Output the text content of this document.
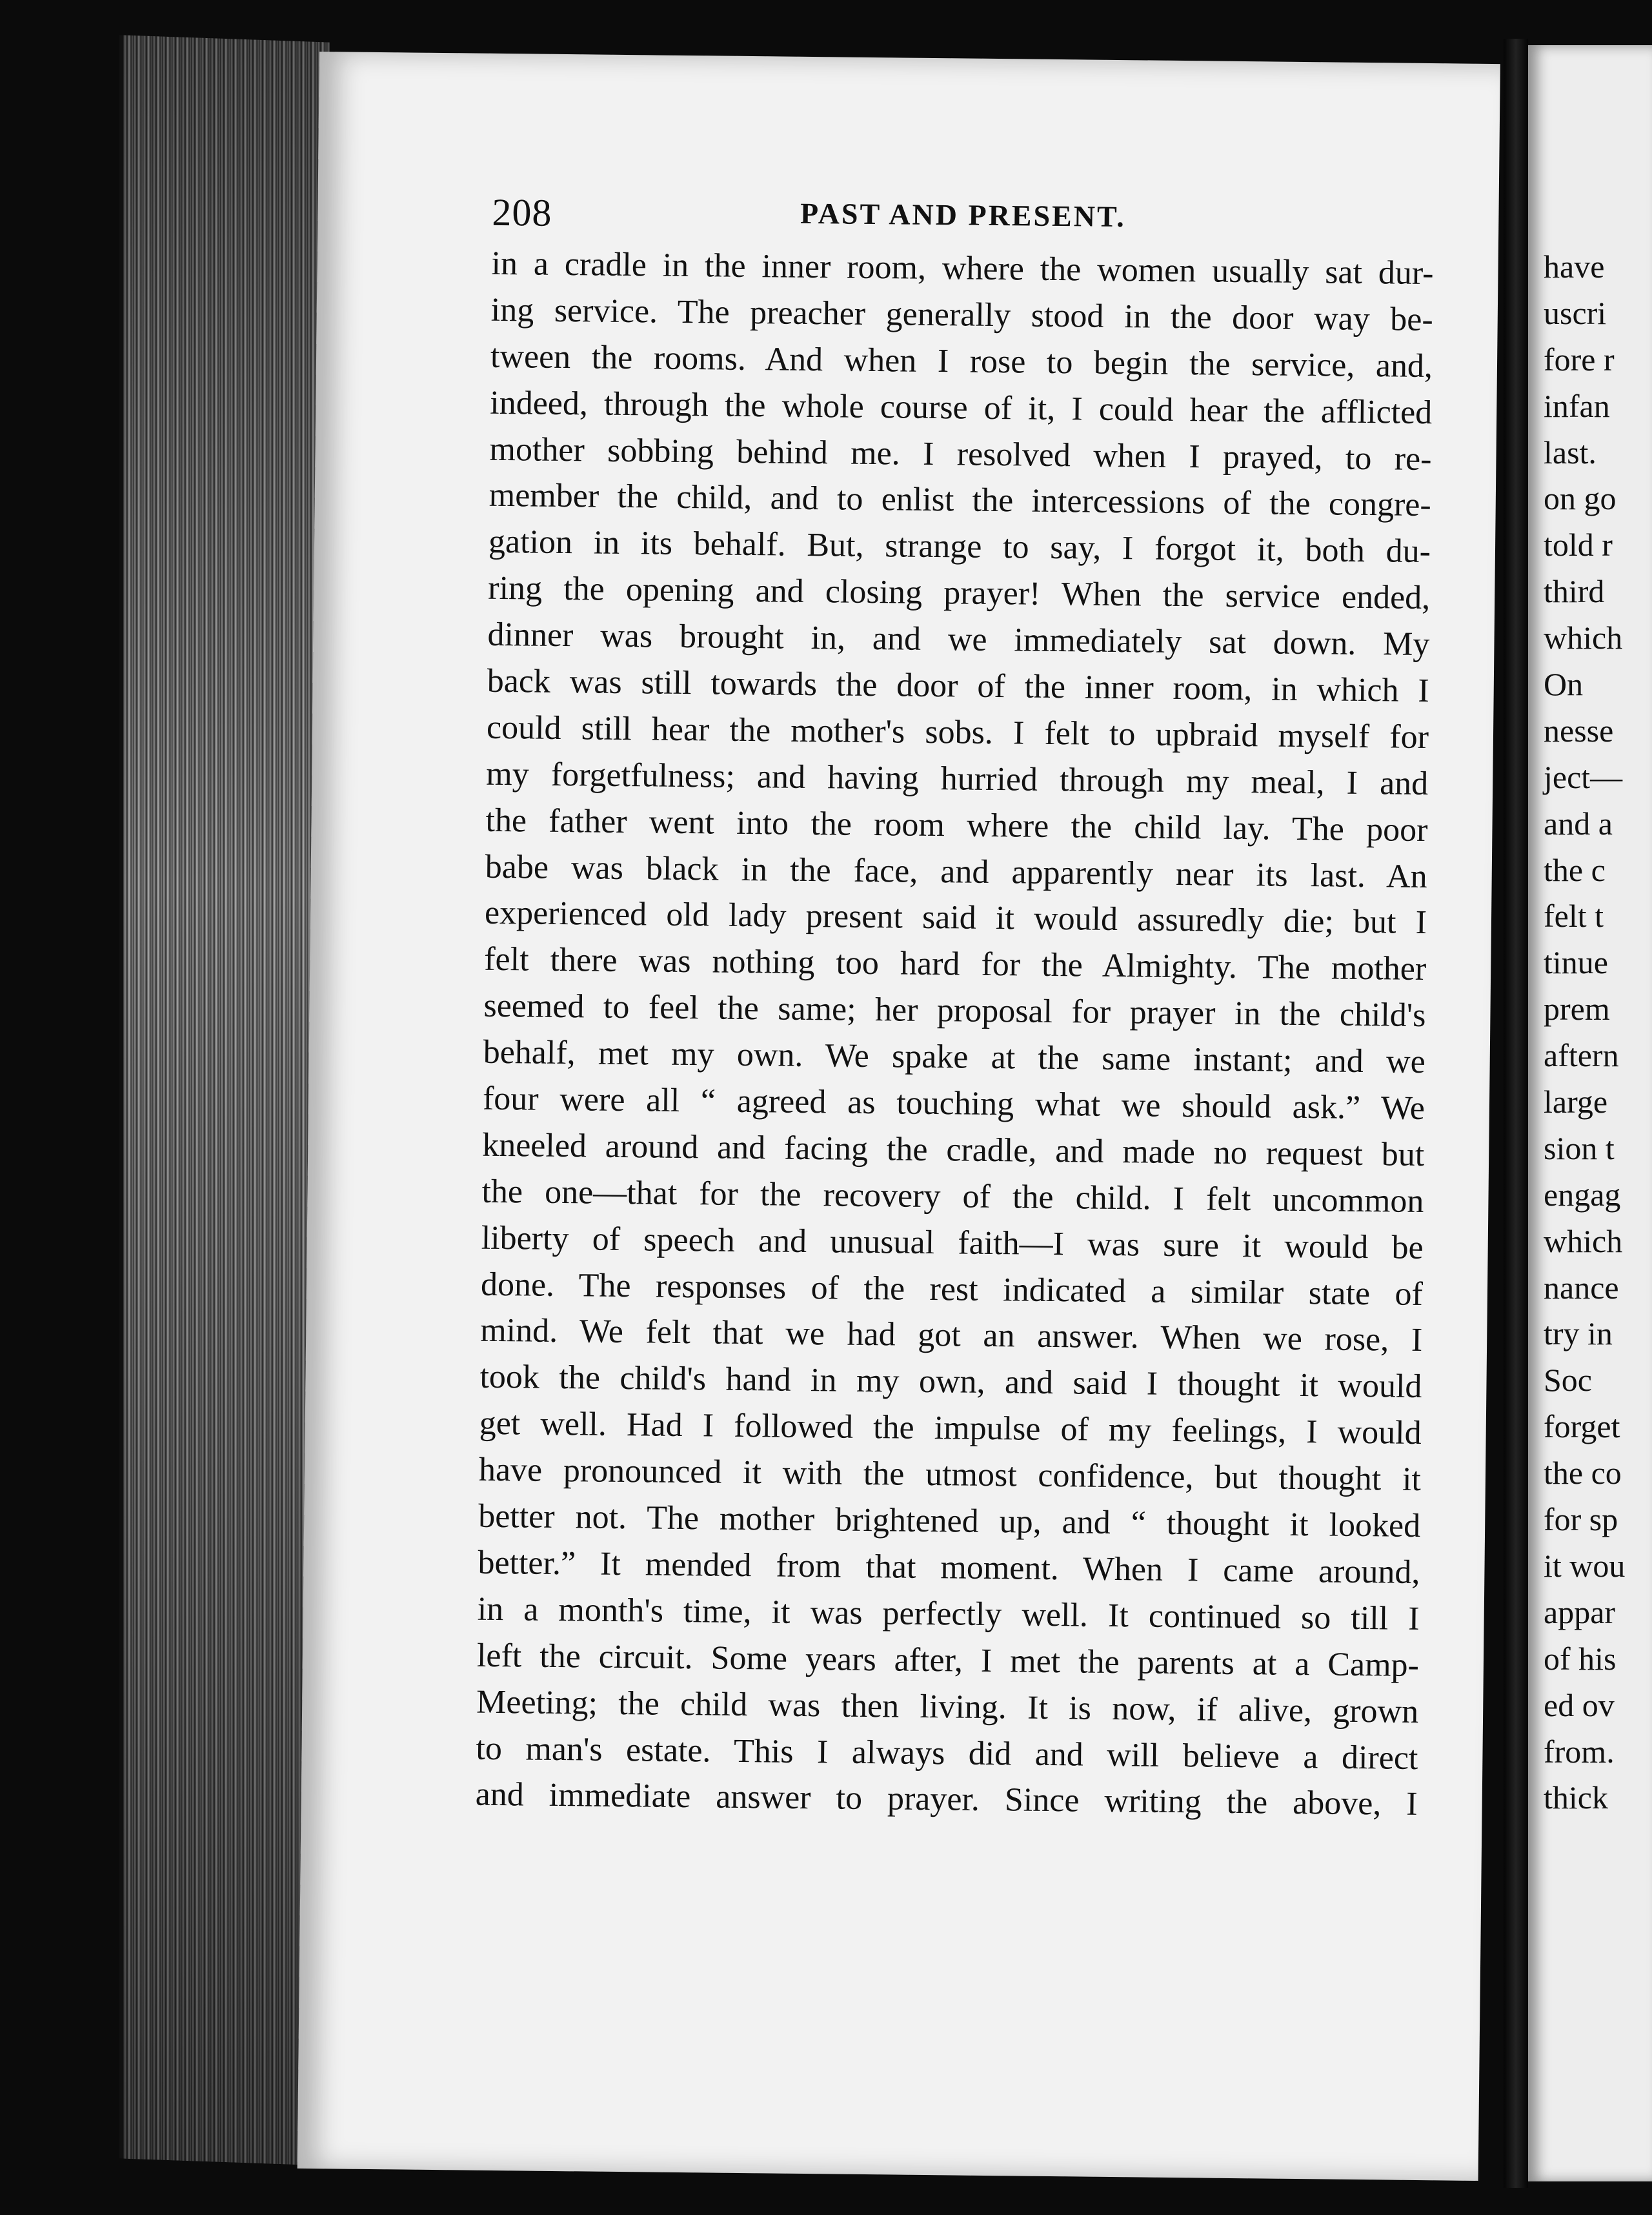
208	PAST AND PRESENT.
in a cradle in the inner room, where the women usually sat dur-
ing service. The preacher generally stood in the door way be-
tween the rooms. And when I rose to begin the service, and,
indeed, through the whole course of it, I could hear the afflicted
mother sobbing behind me. I resolved when I prayed, to re-
member the child, and to enlist the intercessions of the congre-
gation in its behalf. But, strange to say, I forgot it, both du-
ring the opening and closing prayer! When the service ended,
dinner was brought in, and we immediately sat down. My
back was still towards the door of the inner room, in which I
could still hear the mother's sobs. I felt to upbraid myself for
my forgetfulness; and having hurried through my meal, I and
the father went into the room where the child lay. The poor
babe was black in the face, and apparently near its last. An
experienced old lady present said it would assuredly die; but I
felt there was nothing too hard for the Almighty. The mother
seemed to feel the same; her proposal for prayer in the child's
behalf, met my own. We spake at the same instant; and we
four were all “ agreed as touching what we should ask.” We
kneeled around and facing the cradle, and made no request but
the one—that for the recovery of the child. I felt uncommon
liberty of speech and unusual faith—I was sure it would be
done. The responses of the rest indicated a similar state of
mind. We felt that we had got an answer. When we rose, I
took the child's hand in my own, and said I thought it would
get well. Had I followed the impulse of my feelings, I would
have pronounced it with the utmost confidence, but thought it
better not. The mother brightened up, and “ thought it looked
better.” It mended from that moment. When I came around,
in a month's time, it was perfectly well. It continued so till I
left the circuit. Some years after, I met the parents at a Camp-
Meeting; the child was then living. It is now, if alive, grown
to man's estate. This I always did and will believe a direct
and immediate answer to prayer. Since writing the above, I
have
uscri
fore r
infan
last.
on go
told r
third
which
On
nesse
ject—
and a
the c
felt t
tinue
prem
aftern
large
sion t
engag
which
nance
try in
Soc
forget
the co
for sp
it wou
appar
of his
ed ov
from.
thick
